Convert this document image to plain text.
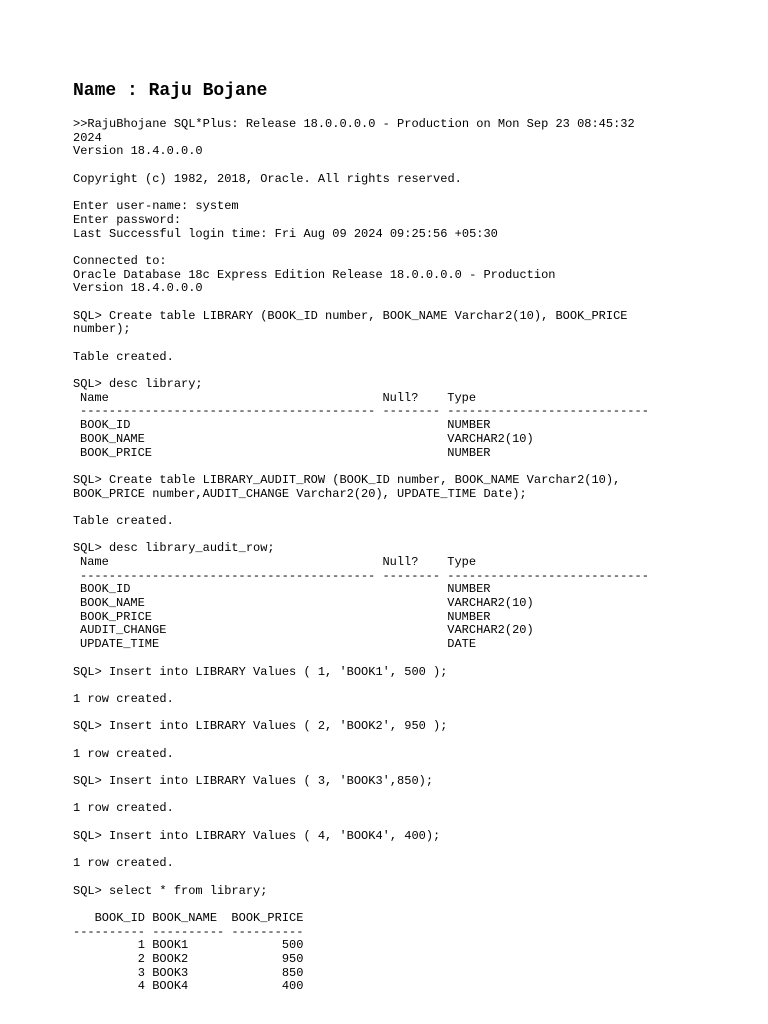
Name : Raju Bojane
>>RajuBhojane SQL*Plus: Release 18.0.0.0.0 - Production on Mon Sep 23 08:45:32
2024
Version 18.4.0.0.0
Copyright (c) 1982, 2018, Oracle. All rights reserved.
Enter user-name: system
Enter password:
Last Successful login time: Fri Aug 09 2024 09:25:56 +05:30
Connected to:
Oracle Database 18c Express Edition Release 18.0.0.0.0 - Production
Version 18.4.0.0.0
SQL> Create table LIBRARY (BOOK_ID number, BOOK_NAME Varchar2(10), BOOK_PRICE
number);
Table created.
SQL> desc library;
Name                                      Null?    Type
----------------------------------------- -------- ----------------------------
BOOK_ID                                            NUMBER
BOOK_NAME                                          VARCHAR2(10)
BOOK_PRICE                                         NUMBER
SQL> Create table LIBRARY_AUDIT_ROW (BOOK_ID number, BOOK_NAME Varchar2(10),
BOOK_PRICE number,AUDIT_CHANGE Varchar2(20), UPDATE_TIME Date);
Table created.
SQL> desc library_audit_row;
Name                                      Null?    Type
----------------------------------------- -------- ----------------------------
BOOK_ID                                            NUMBER
BOOK_NAME                                          VARCHAR2(10)
BOOK_PRICE                                         NUMBER
AUDIT_CHANGE                                       VARCHAR2(20)
UPDATE_TIME                                        DATE
SQL> Insert into LIBRARY Values ( 1, 'BOOK1', 500 );
1 row created.
SQL> Insert into LIBRARY Values ( 2, 'BOOK2', 950 );
1 row created.
SQL> Insert into LIBRARY Values ( 3, 'BOOK3',850);
1 row created.
SQL> Insert into LIBRARY Values ( 4, 'BOOK4', 400);
1 row created.
SQL> select * from library;
BOOK_ID BOOK_NAME  BOOK_PRICE
---------- ---------- ----------
1 BOOK1             500
2 BOOK2             950
3 BOOK3             850
4 BOOK4             400
